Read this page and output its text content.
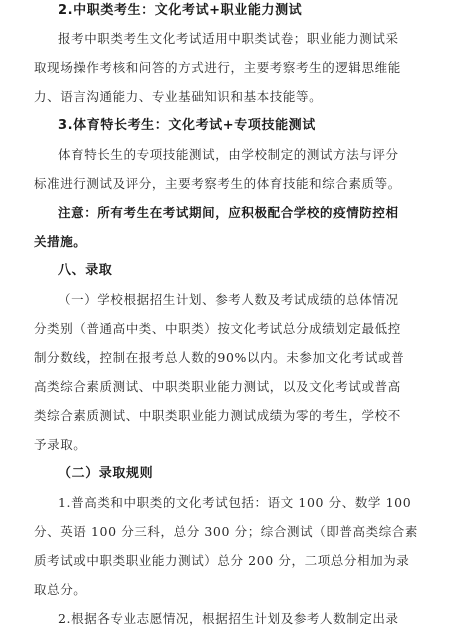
2.中职类考生：文化考试+职业能力测试
报考中职类考生文化考试适用中职类试卷；职业能力测试采
取现场操作考核和问答的方式进行，主要考察考生的逻辑思维能
力、语言沟通能力、专业基础知识和基本技能等。
3.体育特长考生：文化考试+专项技能测试
体育特长生的专项技能测试，由学校制定的测试方法与评分
标准进行测试及评分，主要考察考生的体育技能和综合素质等。
注意：所有考生在考试期间，应积极配合学校的疫情防控相
关措施。
八、录取
（一）学校根据招生计划、参考人数及考试成绩的总体情况
分类别（普通高中类、中职类）按文化考试总分成绩划定最低控
制分数线，控制在报考总人数的90%以内。未参加文化考试或普
高类综合素质测试、中职类职业能力测试，以及文化考试或普高
类综合素质测试、中职类职业能力测试成绩为零的考生，学校不
予录取。
（二）录取规则
1.普高类和中职类的文化考试包括：语文 100 分、数学 100
分、英语 100 分三科，总分 300 分；综合测试（即普高类综合素
质考试或中职类职业能力测试）总分 200 分，二项总分相加为录
取总分。
2.根据各专业志愿情况，根据招生计划及参考人数制定出录
